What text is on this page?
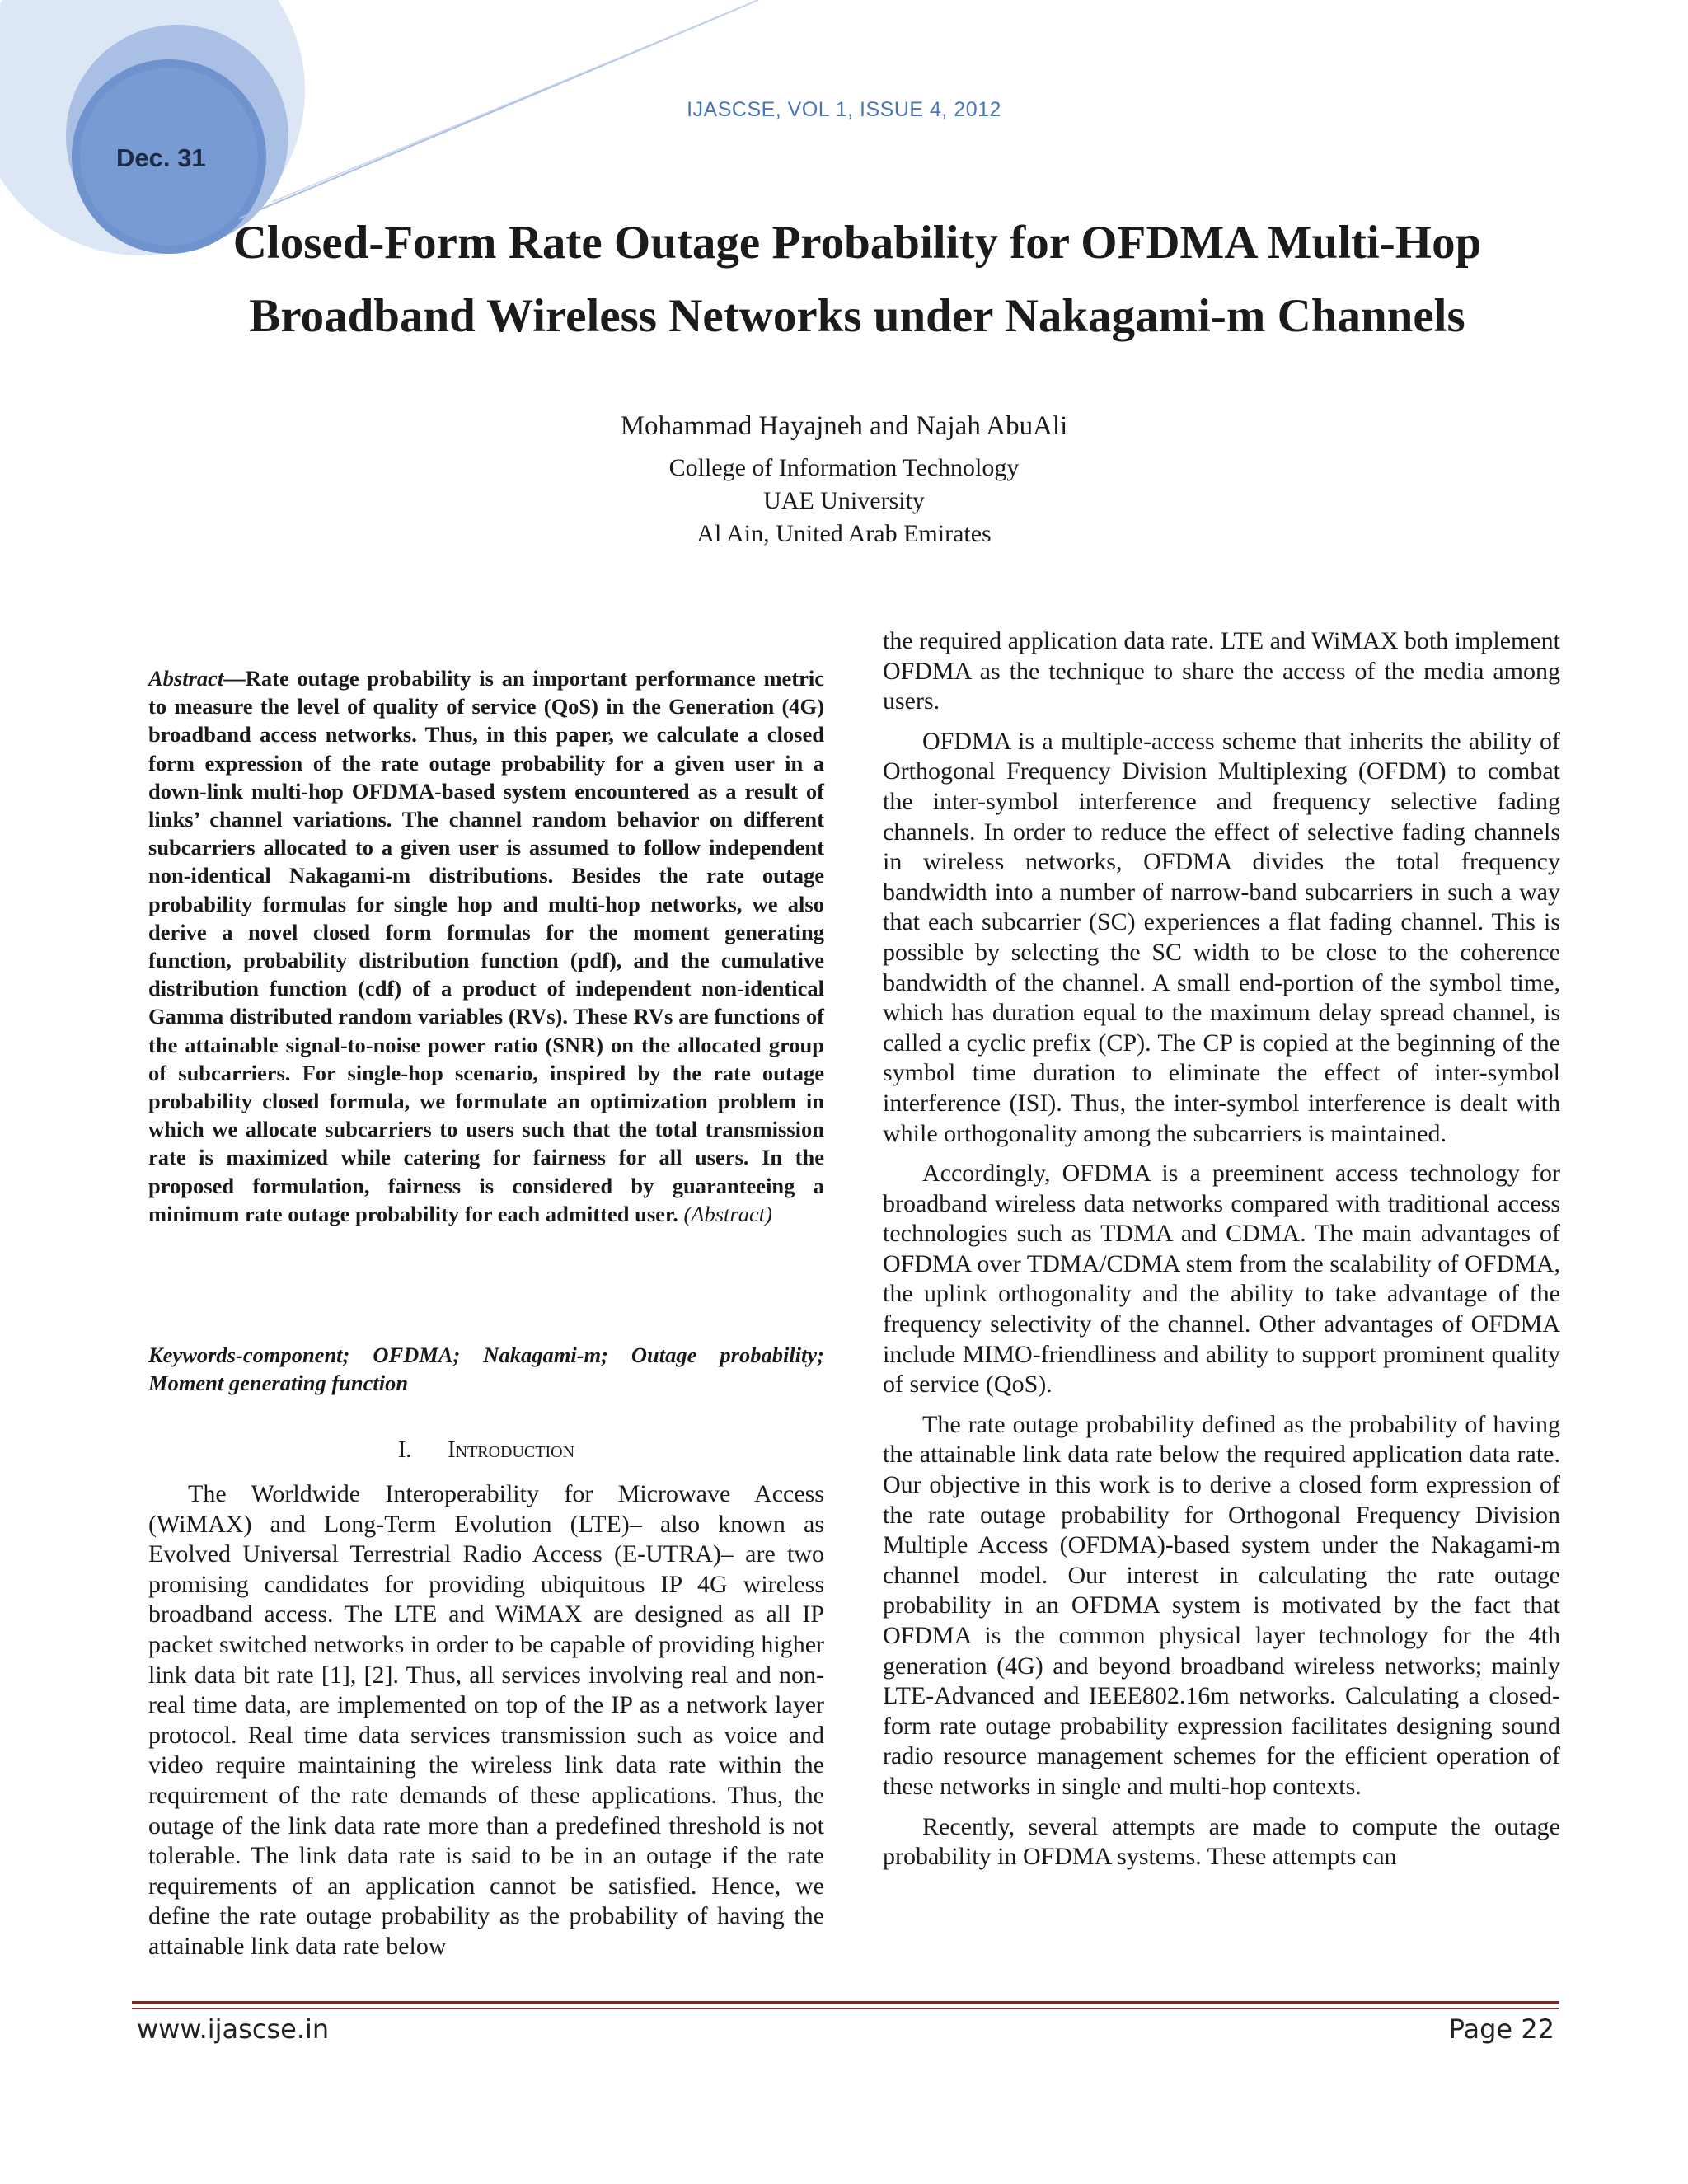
Dec. 31
IJASCSE, VOL 1, ISSUE 4, 2012
Closed-Form Rate Outage Probability for OFDMA Multi-Hop
Broadband Wireless Networks under Nakagami-m Channels
Mohammad Hayajneh and Najah AbuAli
College of Information Technology
UAE University
Al Ain, United Arab Emirates
Abstract—Rate outage probability is an important performance metric to measure the level of quality of service (QoS) in the Generation (4G) broadband access networks. Thus, in this paper, we calculate a closed form expression of the rate outage probability for a given user in a down-link multi-hop OFDMA-based system encountered as a result of links’ channel variations. The channel random behavior on different subcarriers allocated to a given user is assumed to follow independent non-identical Nakagami-m distributions. Besides the rate outage probability formulas for single hop and multi-hop networks, we also derive a novel closed form formulas for the moment generating function, probability distribution function (pdf), and the cumulative distribution function (cdf) of a product of independent non-identical Gamma distributed random variables (RVs). These RVs are functions of the attainable signal-to-noise power ratio (SNR) on the allocated group of subcarriers. For single-hop scenario, inspired by the rate outage probability closed formula, we formulate an optimization problem in which we allocate subcarriers to users such that the total transmission rate is maximized while catering for fairness for all users. In the proposed formulation, fairness is considered by guaranteeing a minimum rate outage probability for each admitted user. (Abstract)
Keywords-component; OFDMA; Nakagami-m; Outage probability; Moment generating function
I. Introduction

The Worldwide Interoperability for Microwave Access (WiMAX) and Long-Term Evolution (LTE)– also known as Evolved Universal Terrestrial Radio Access (E-UTRA)– are two promising candidates for providing ubiquitous IP 4G wireless broadband access. The LTE and WiMAX are designed as all IP packet switched networks in order to be capable of providing higher link data bit rate [1], [2]. Thus, all services involving real and non- real time data, are implemented on top of the IP as a network layer protocol. Real time data services transmission such as voice and video require maintaining the wireless link data rate within the requirement of the rate demands of these applications. Thus, the outage of the link data rate more than a predefined threshold is not tolerable. The link data rate is said to be in an outage if the rate requirements of an application cannot be satisfied. Hence, we define the rate outage probability as the probability of having the attainable link data rate below

the required application data rate. LTE and WiMAX both implement OFDMA as the technique to share the access of the media among users.

OFDMA is a multiple-access scheme that inherits the ability of Orthogonal Frequency Division Multiplexing (OFDM) to combat the inter-symbol interference and frequency selective fading channels. In order to reduce the effect of selective fading channels in wireless networks, OFDMA divides the total frequency bandwidth into a number of narrow-band subcarriers in such a way that each subcarrier (SC) experiences a flat fading channel. This is possible by selecting the SC width to be close to the coherence bandwidth of the channel. A small end-portion of the symbol time, which has duration equal to the maximum delay spread channel, is called a cyclic prefix (CP). The CP is copied at the beginning of the symbol time duration to eliminate the effect of inter-symbol interference (ISI). Thus, the inter-symbol interference is dealt with while orthogonality among the subcarriers is maintained.

Accordingly, OFDMA is a preeminent access technology for broadband wireless data networks compared with traditional access technologies such as TDMA and CDMA. The main advantages of OFDMA over TDMA/CDMA stem from the scalability of OFDMA, the uplink orthogonality and the ability to take advantage of the frequency selectivity of the channel. Other advantages of OFDMA include MIMO-friendliness and ability to support prominent quality of service (QoS).

The rate outage probability defined as the probability of having the attainable link data rate below the required application data rate. Our objective in this work is to derive a closed form expression of the rate outage probability for Orthogonal Frequency Division Multiple Access (OFDMA)-based system under the Nakagami-m channel model. Our interest in calculating the rate outage probability in an OFDMA system is motivated by the fact that OFDMA is the common physical layer technology for the 4th generation (4G) and beyond broadband wireless networks; mainly LTE-Advanced and IEEE802.16m networks. Calculating a closed-form rate outage probability expression facilitates designing sound radio resource management schemes for the efficient operation of these networks in single and multi-hop contexts.

Recently, several attempts are made to compute the outage probability in OFDMA systems. These attempts can

www.ijascse.in	Page 22
